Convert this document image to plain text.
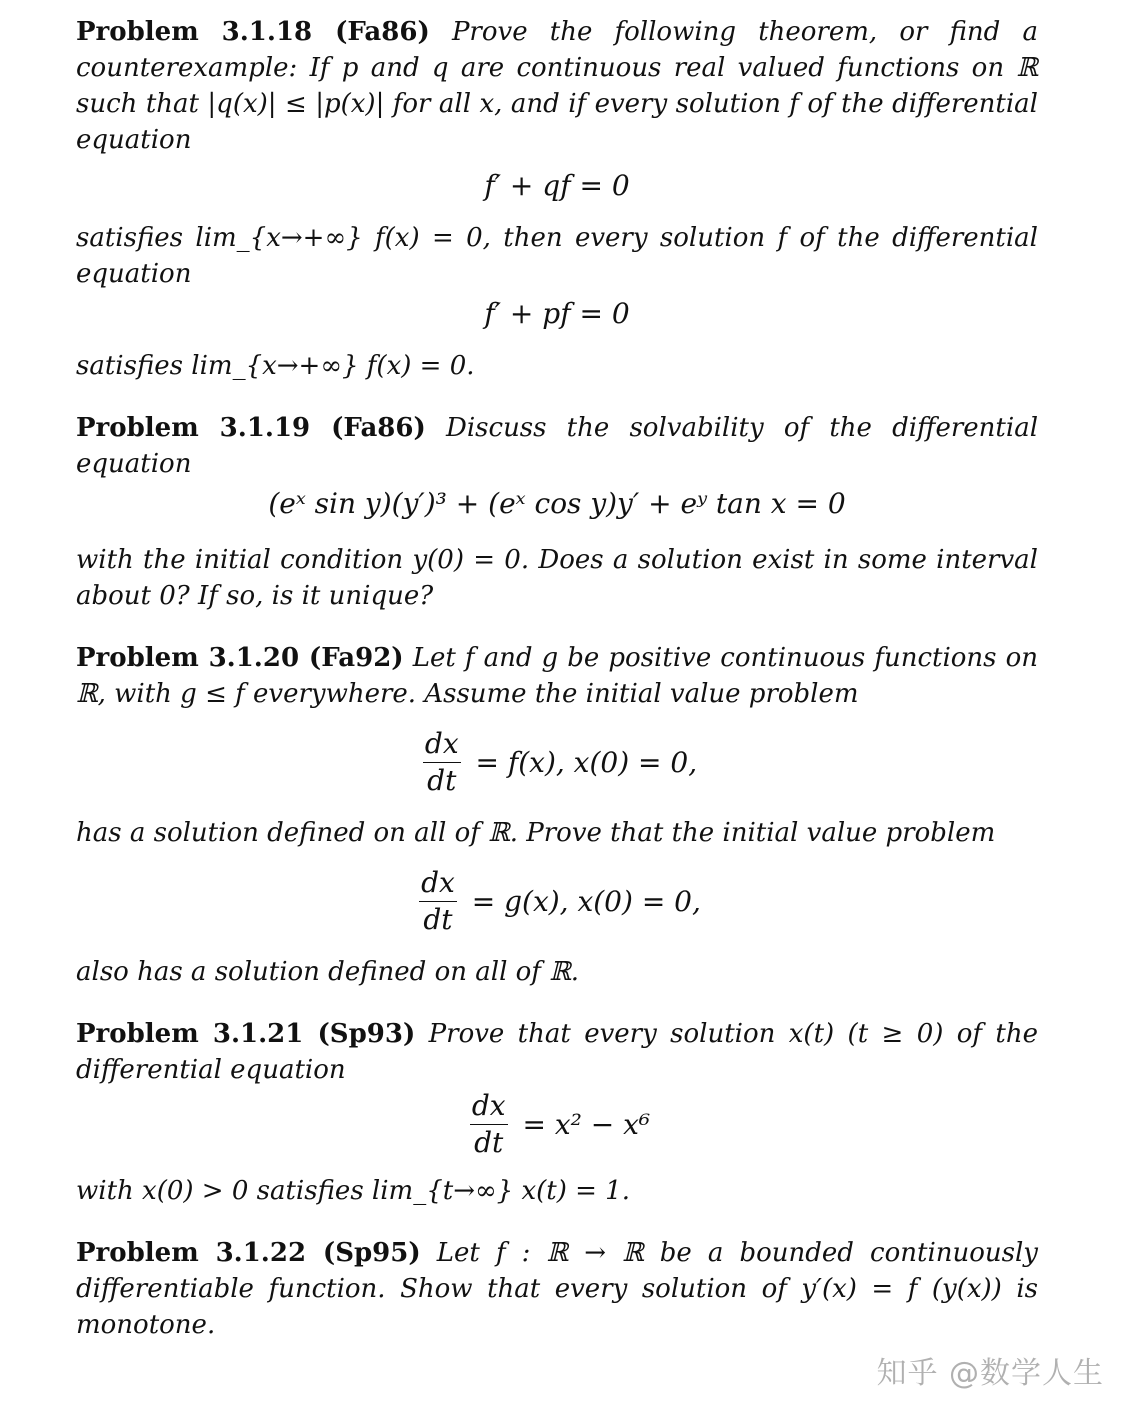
Problem 3.1.18 (Fa86) Prove the following theorem, or find a counterexample: If p and q are continuous real valued functions on ℝ such that |q(x)| ≤ |p(x)| for all x, and if every solution f of the differential equation

f′ + qf = 0

satisfies lim_{x→+∞} f(x) = 0, then every solution f of the differential equation

f′ + pf = 0

satisfies lim_{x→+∞} f(x) = 0.

Problem 3.1.19 (Fa86) Discuss the solvability of the differential equation

(eˣ sin y)(y′)³ + (eˣ cos y)y′ + eʸ tan x = 0

with the initial condition y(0) = 0. Does a solution exist in some interval about 0? If so, is it unique?

Problem 3.1.20 (Fa92) Let f and g be positive continuous functions on ℝ, with g ≤ f everywhere. Assume the initial value problem

$\frac{dx}{dt} = f(x)$, x(0) = 0,

has a solution defined on all of ℝ. Prove that the initial value problem

$\frac{dx}{dt} = g(x)$, x(0) = 0,

also has a solution defined on all of ℝ.

Problem 3.1.21 (Sp93) Prove that every solution x(t) (t ≥ 0) of the differential equation

$\frac{dx}{dt} = x^2 - x^6$

with x(0) > 0 satisfies lim_{t→∞} x(t) = 1.

Problem 3.1.22 (Sp95) Let f : ℝ → ℝ be a bounded continuously differentiable function. Show that every solution of y′(x) = f (y(x)) is monotone.

知乎 @数学人生
